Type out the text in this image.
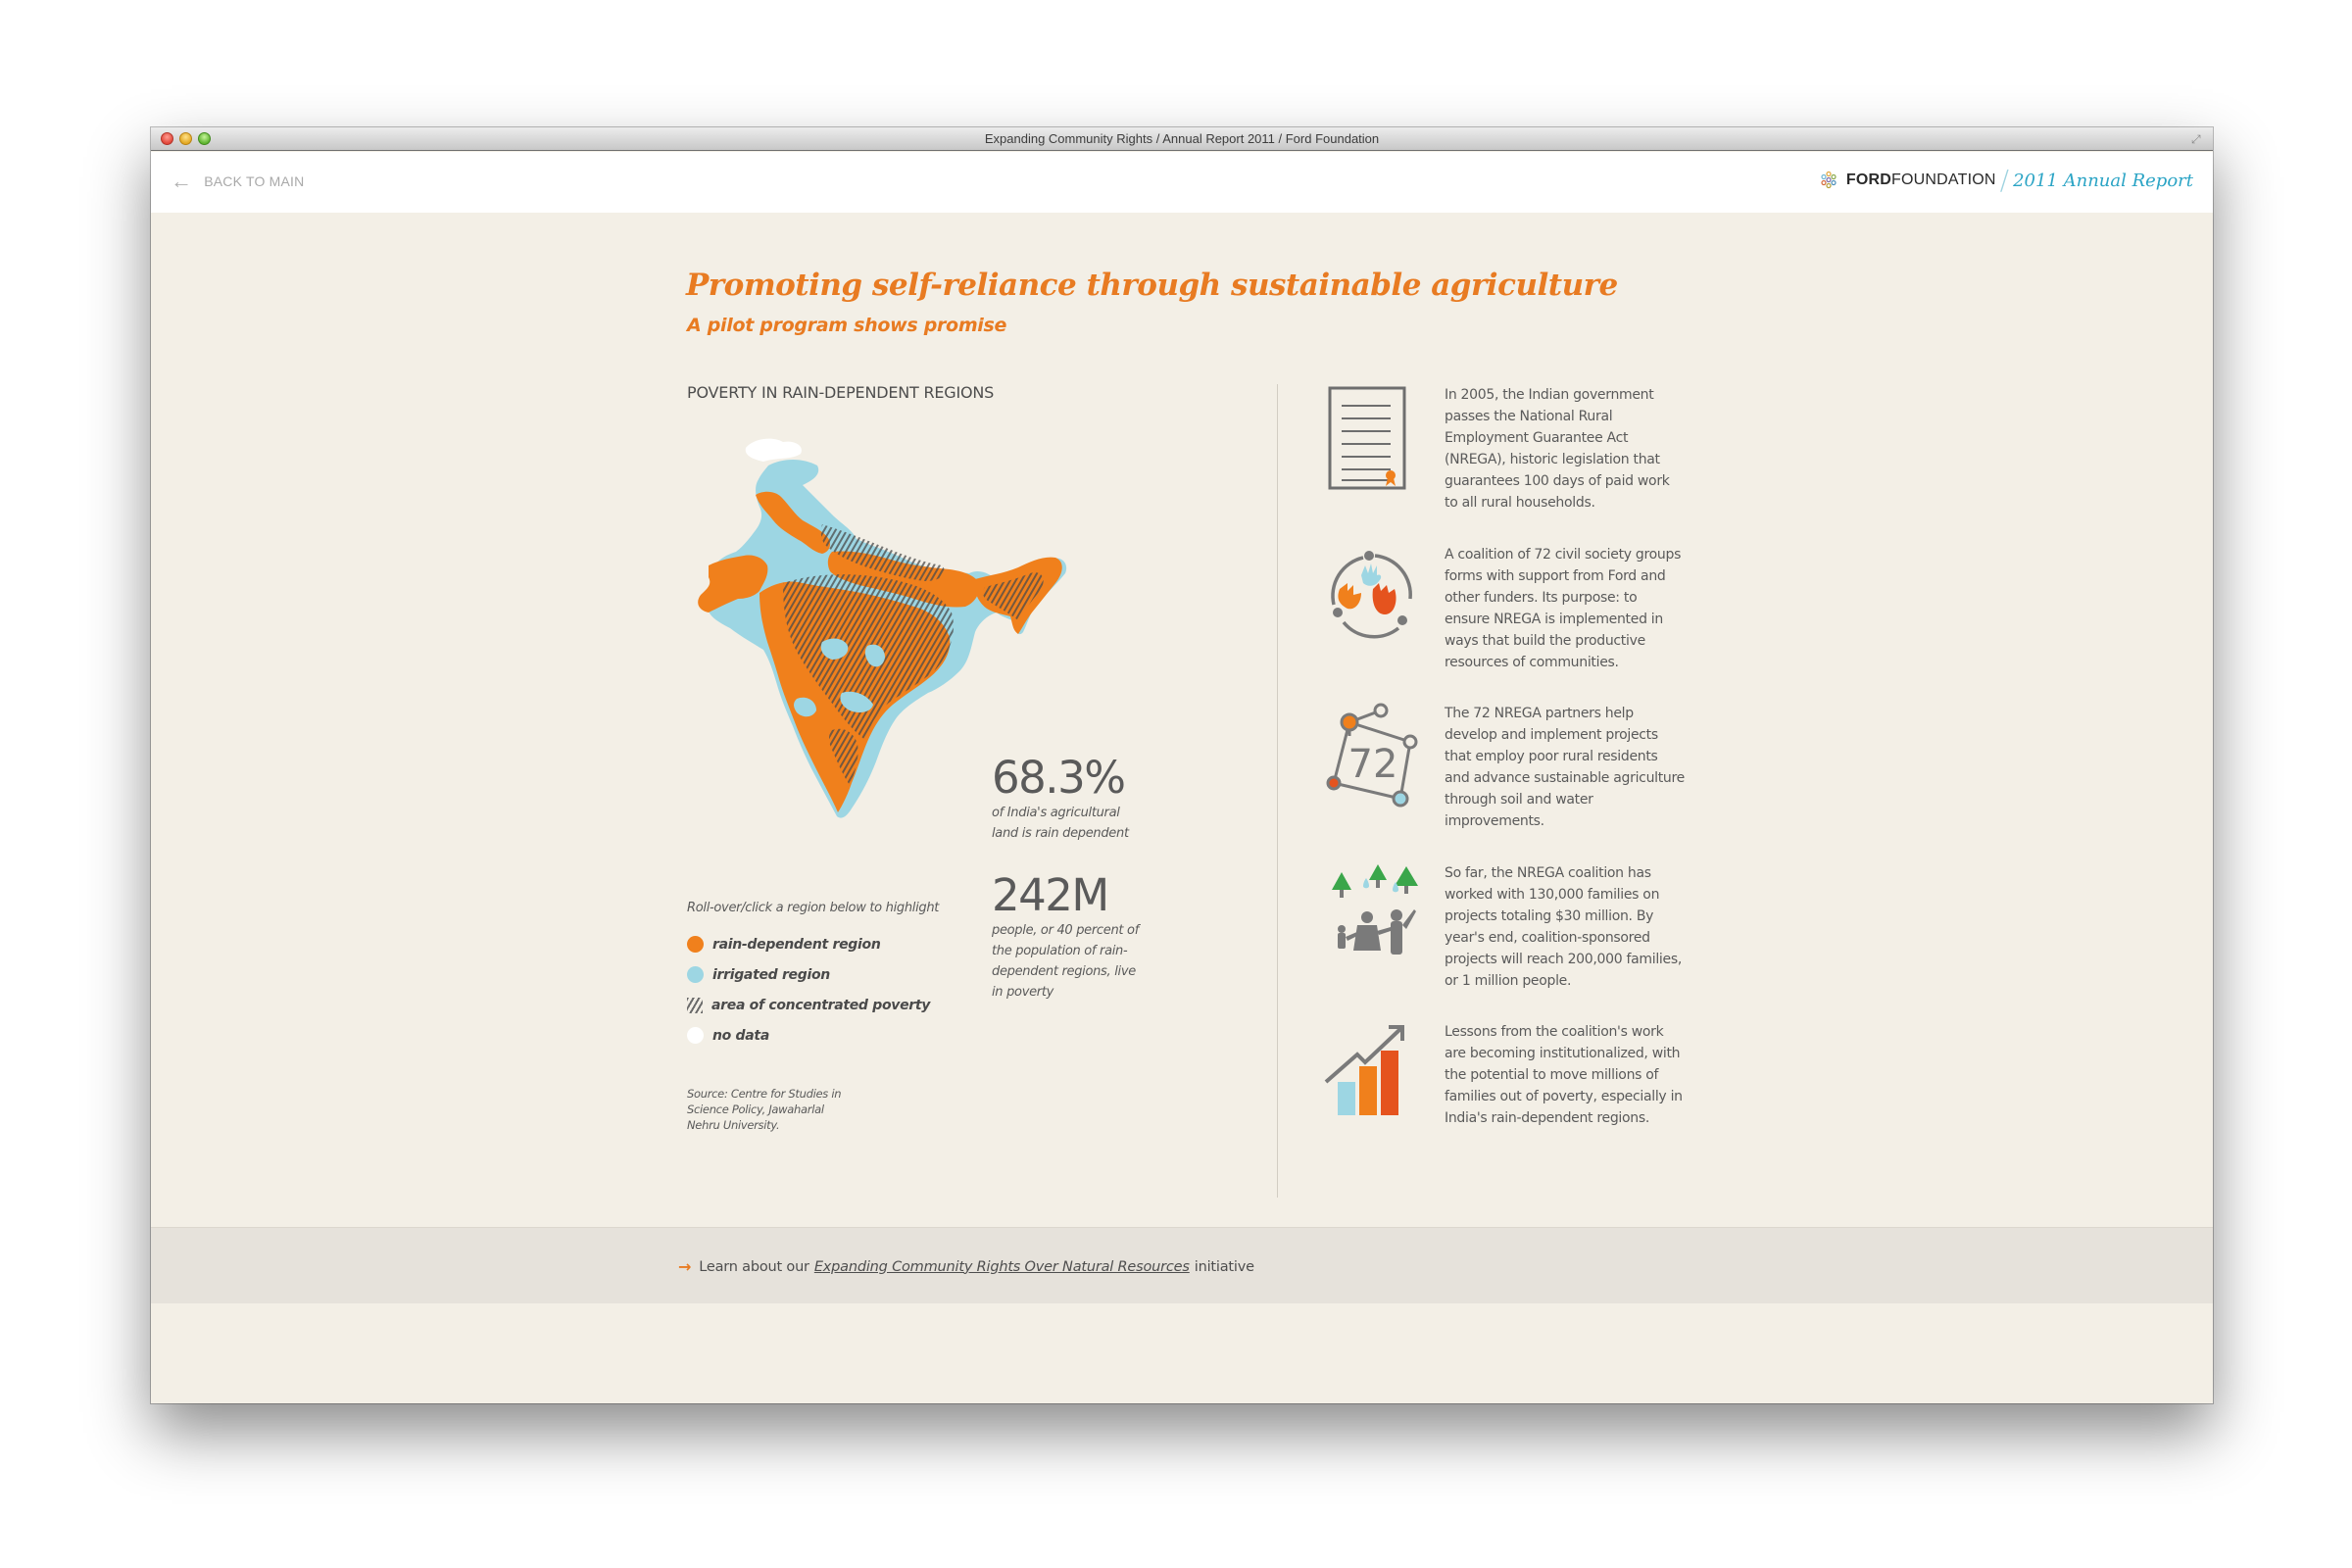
Expanding Community Rights / Annual Report 2011 / Ford Foundation	⤢
← BACK TO MAIN	FORDFOUNDATION / 2011 Annual Report
Promoting self-reliance through sustainable agriculture
A pilot program shows promise
POVERTY IN RAIN-DEPENDENT REGIONS
68.3%
of India's agricultural land is rain dependent
242M
people, or 40 percent of the population of rain-dependent regions, live in poverty
Roll-over/click a region below to highlight
rain-dependent region
irrigated region
area of concentrated poverty
no data
Source: Centre for Studies in Science Policy, Jawaharlal Nehru University.
In 2005, the Indian government passes the National Rural Employment Guarantee Act (NREGA), historic legislation that guarantees 100 days of paid work to all rural households.
A coalition of 72 civil society groups forms with support from Ford and other funders. Its purpose: to ensure NREGA is implemented in ways that build the productive resources of communities.
72
The 72 NREGA partners help develop and implement projects that employ poor rural residents and advance sustainable agriculture through soil and water improvements.
So far, the NREGA coalition has worked with 130,000 families on projects totaling $30 million. By year's end, coalition-sponsored projects will reach 200,000 families, or 1 million people.
Lessons from the coalition's work are becoming institutionalized, with the potential to move millions of families out of poverty, especially in India's rain-dependent regions.
→ Learn about our Expanding Community Rights Over Natural Resources initiative
